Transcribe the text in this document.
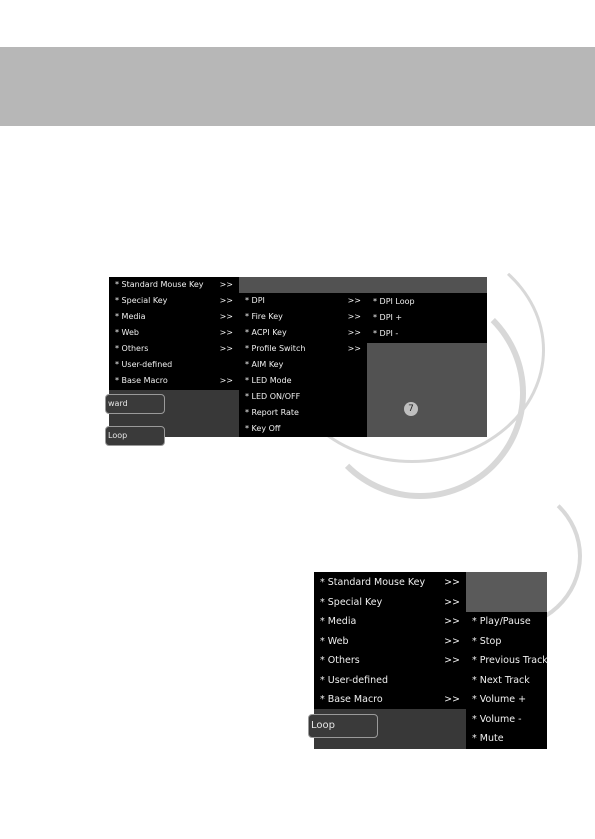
7
ward
Loop
* Standard Mouse Key >>
* Special Key	>>
* Media	>>
* Web	>>
* Others	>>
* User-defined
* Base Macro	>>
* DPI	>>
* Fire Key	>>
* ACPI Key	>>
* Profile Switch	>>
* AIM Key
* LED Mode
* LED ON/OFF
* Report Rate
* Key Off
* DPI Loop
* DPI +
* DPI -
Loop
* Standard Mouse Key >>
* Special Key	>>
* Media	>>
* Web	>>
* Others	>>
* User-defined
* Base Macro	>>
* Play/Pause
* Stop
* Previous Track
* Next Track
* Volume +
* Volume -
* Mute
